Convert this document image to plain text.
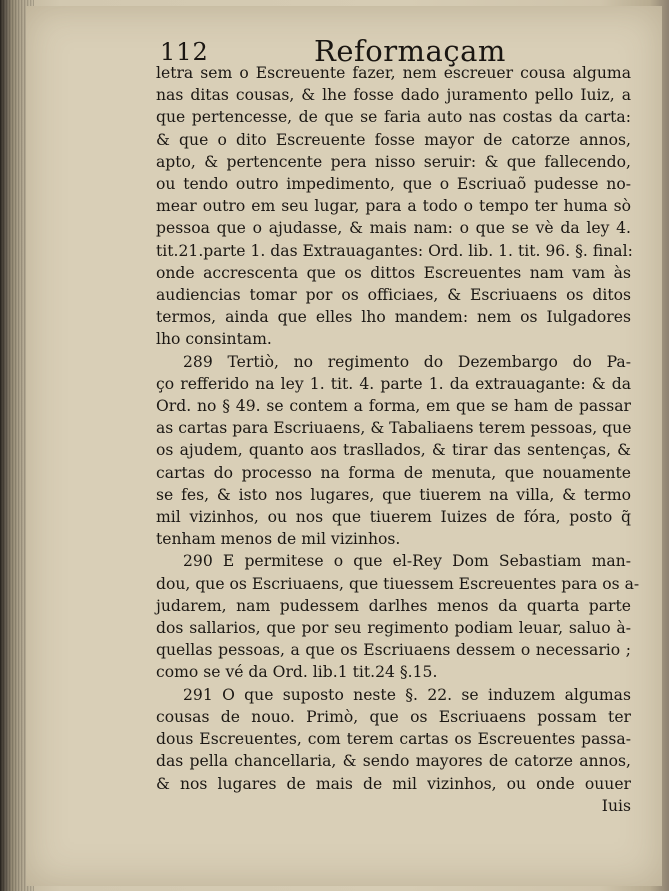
112	Reformaçam
letra sem o Escreuente fazer, nem escreuer cousa alguma
nas ditas cousas, & lhe fosse dado juramento pello Iuiz, a
que pertencesse, de que se faria auto nas costas da carta:
& que o dito Escreuente fosse mayor de catorze annos,
apto, & pertencente pera nisso seruir: & que fallecendo,
ou tendo outro impedimento, que o Escriuaõ pudesse no-
mear outro em seu lugar, para a todo o tempo ter huma sò
pessoa que o ajudasse, & mais nam: o que se vè da ley 4.
tit.21.parte 1. das Extrauagantes: Ord. lib. 1. tit. 96. §. final:
onde accrescenta que os dittos Escreuentes nam vam às
audiencias tomar por os officiaes, & Escriuaens os ditos
termos, ainda que elles lho mandem: nem os Iulgadores
lho consintam.
289 Tertiò, no regimento do Dezembargo do Pa-
ço refferido na ley 1. tit. 4. parte 1. da extrauagante: & da
Ord. no § 49. se contem a forma, em que se ham de passar
as cartas para Escriuaens, & Tabaliaens terem pessoas, que
os ajudem, quanto aos trasllados, & tirar das sentenças, &
cartas do processo na forma de menuta, que nouamente
se fes, & isto nos lugares, que tiuerem na villa, & termo
mil vizinhos, ou nos que tiuerem Iuizes de fóra, posto q̃
tenham menos de mil vizinhos.
290 E permitese o que el-Rey Dom Sebastiam man-
dou, que os Escriuaens, que tiuessem Escreuentes para os a-
judarem, nam pudessem darlhes menos da quarta parte
dos sallarios, que por seu regimento podiam leuar, saluo à-
quellas pessoas, a que os Escriuaens dessem o necessario ;
como se vé da Ord. lib.1 tit.24 §.15.
291 O que suposto neste §. 22. se induzem algumas
cousas de nouo. Primò, que os Escriuaens possam ter
dous Escreuentes, com terem cartas os Escreuentes passa-
das pella chancellaria, & sendo mayores de catorze annos,
& nos lugares de mais de mil vizinhos, ou onde ouuer
Iuis
